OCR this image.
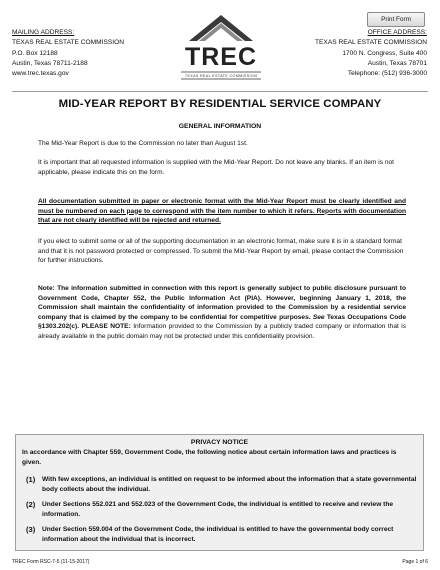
Print Form
MAILING ADDRESS:
TEXAS REAL ESTATE COMMISSION
P.O. Box 12188
Austin, Texas 78711-2188
www.trec.texas.gov
TREC
TEXAS REAL ESTATE COMMISSION
OFFICE ADDRESS:
TEXAS REAL ESTATE COMMISSION
1700 N. Congress, Suite 400
Austin, Texas 78701
Telephone: (512) 936-3000
MID-YEAR REPORT BY RESIDENTIAL SERVICE COMPANY
GENERAL INFORMATION
The Mid-Year Report is due to the Commission no later than August 1st.
It is important that all requested information is supplied with the Mid-Year Report. Do not leave any blanks. If an item is not applicable, please indicate this on the form.
All documentation submitted in paper or electronic format with the Mid-Year Report must be clearly identified and must be numbered on each page to correspond with the item number to which it refers. Reports with documentation that are not clearly identified will be rejected and returned.
If you elect to submit some or all of the supporting documentation in an electronic format, make sure it is in a standard format and that it is not password protected or compressed. To submit the Mid-Year Report by email, please contact the Commission for further instructions.
Note: The information submitted in connection with this report is generally subject to public disclosure pursuant to Government Code, Chapter 552, the Public Information Act (PIA). However, beginning January 1, 2018, the Commission shall maintain the confidentiality of information provided to the Commission by a residential service company that is claimed by the company to be confidential for competitive purposes. See Texas Occupations Code §1303.202(c). PLEASE NOTE: Information provided to the Commission by a publicly traded company or information that is already available in the public domain may not be protected under this confidentiality provision.
PRIVACY NOTICE
In accordance with Chapter 559, Government Code, the following notice about certain information laws and practices is given.
(1) With few exceptions, an individual is entitled on request to be informed about the information that a state governmental body collects about the individual.
(2) Under Sections 552.021 and 552.023 of the Government Code, the individual is entitled to receive and review the information.
(3) Under Section 559.004 of the Government Code, the individual is entitled to have the governmental body correct information about the individual that is incorrect.
TREC Form RSC-7-5 (11-15-2017)	Page 1 of 6
